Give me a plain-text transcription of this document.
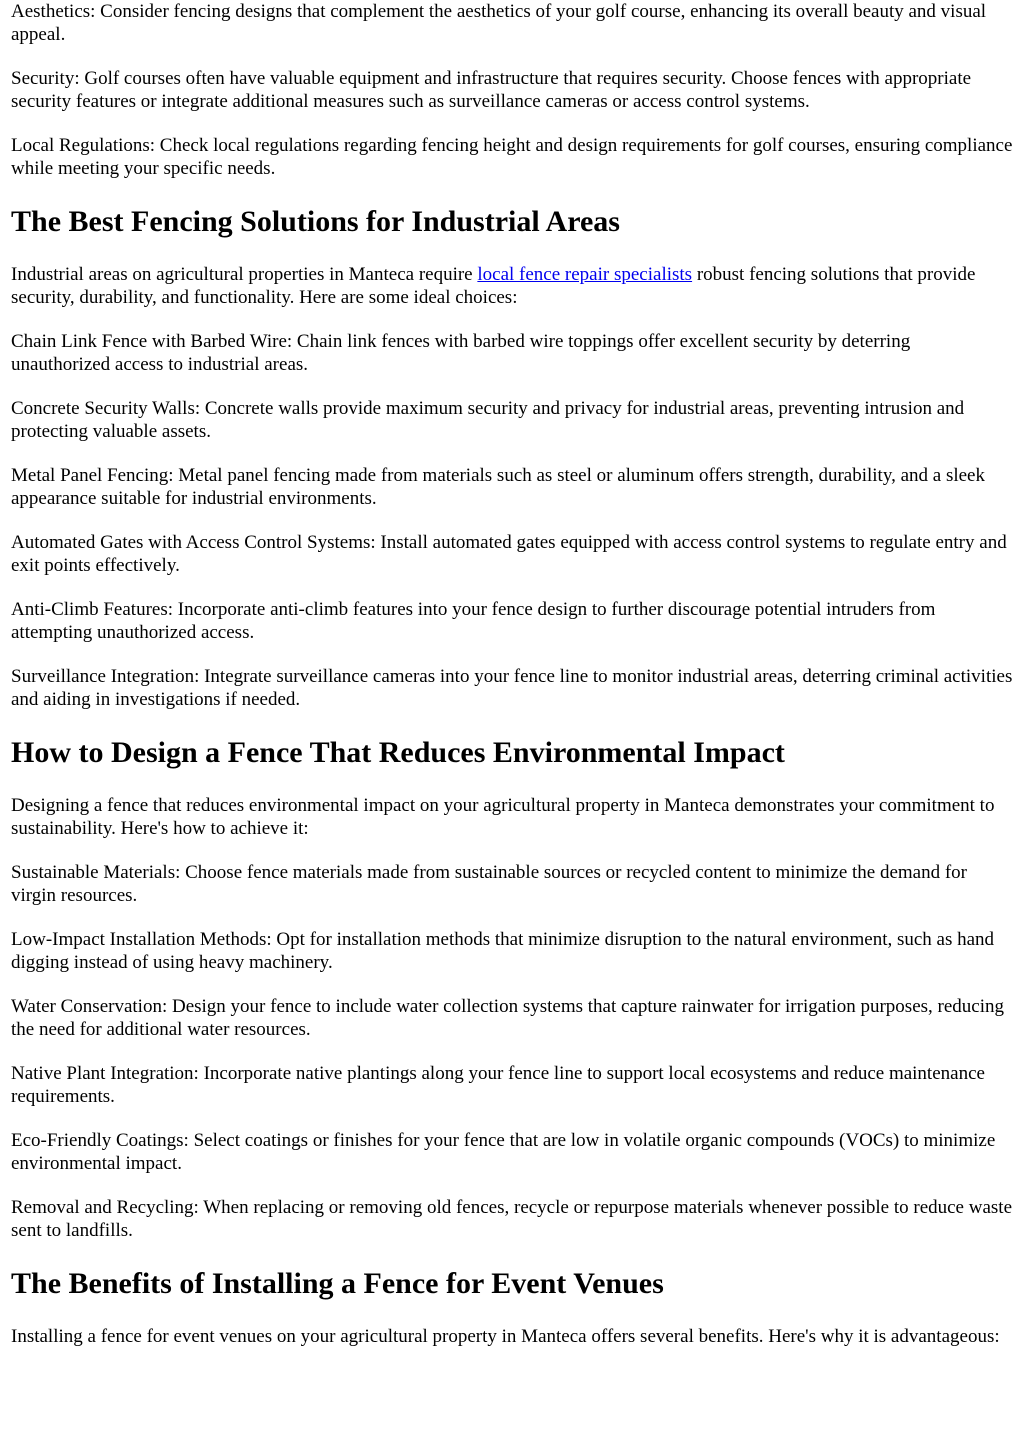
Aesthetics: Consider fencing designs that complement the aesthetics of your golf course, enhancing its overall beauty and visual appeal.

Security: Golf courses often have valuable equipment and infrastructure that requires security. Choose fences with appropriate security features or integrate additional measures such as surveillance cameras or access control systems.

Local Regulations: Check local regulations regarding fencing height and design requirements for golf courses, ensuring compliance while meeting your specific needs.

The Best Fencing Solutions for Industrial Areas

Industrial areas on agricultural properties in Manteca require local fence repair specialists robust fencing solutions that provide security, durability, and functionality. Here are some ideal choices:

Chain Link Fence with Barbed Wire: Chain link fences with barbed wire toppings offer excellent security by deterring unauthorized access to industrial areas.

Concrete Security Walls: Concrete walls provide maximum security and privacy for industrial areas, preventing intrusion and protecting valuable assets.

Metal Panel Fencing: Metal panel fencing made from materials such as steel or aluminum offers strength, durability, and a sleek appearance suitable for industrial environments.

Automated Gates with Access Control Systems: Install automated gates equipped with access control systems to regulate entry and exit points effectively.

Anti-Climb Features: Incorporate anti-climb features into your fence design to further discourage potential intruders from attempting unauthorized access.

Surveillance Integration: Integrate surveillance cameras into your fence line to monitor industrial areas, deterring criminal activities and aiding in investigations if needed.

How to Design a Fence That Reduces Environmental Impact

Designing a fence that reduces environmental impact on your agricultural property in Manteca demonstrates your commitment to sustainability. Here's how to achieve it:

Sustainable Materials: Choose fence materials made from sustainable sources or recycled content to minimize the demand for virgin resources.

Low-Impact Installation Methods: Opt for installation methods that minimize disruption to the natural environment, such as hand digging instead of using heavy machinery.

Water Conservation: Design your fence to include water collection systems that capture rainwater for irrigation purposes, reducing the need for additional water resources.

Native Plant Integration: Incorporate native plantings along your fence line to support local ecosystems and reduce maintenance requirements.

Eco-Friendly Coatings: Select coatings or finishes for your fence that are low in volatile organic compounds (VOCs) to minimize environmental impact.

Removal and Recycling: When replacing or removing old fences, recycle or repurpose materials whenever possible to reduce waste sent to landfills.

The Benefits of Installing a Fence for Event Venues

Installing a fence for event venues on your agricultural property in Manteca offers several benefits. Here's why it is advantageous:
